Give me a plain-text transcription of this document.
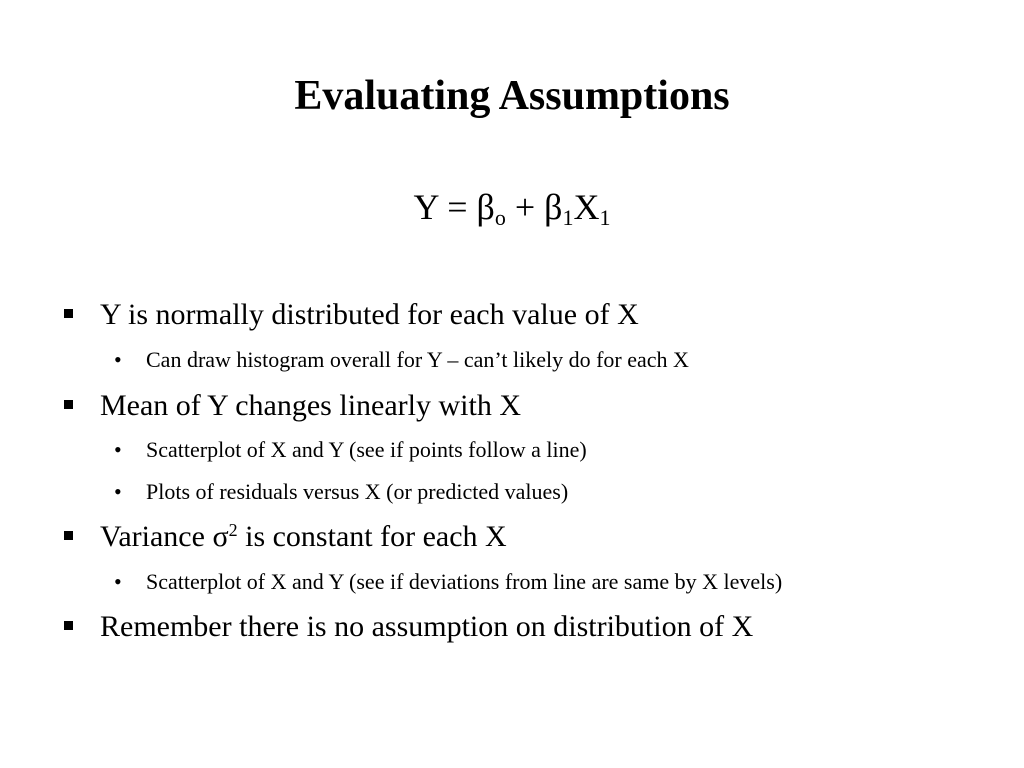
Evaluating Assumptions
$Y = \beta_o + \beta_1X_1$
Y is normally distributed for each value of X
• Can draw histogram overall for Y – can’t likely do for each X
Mean of Y changes linearly with X
• Scatterplot of X and Y (see if points follow a line)
• Plots of residuals versus X (or predicted values)
Variance $\sigma^2$ is constant for each X
• Scatterplot of X and Y (see if deviations from line are same by X levels)
Remember there is no assumption on distribution of X
